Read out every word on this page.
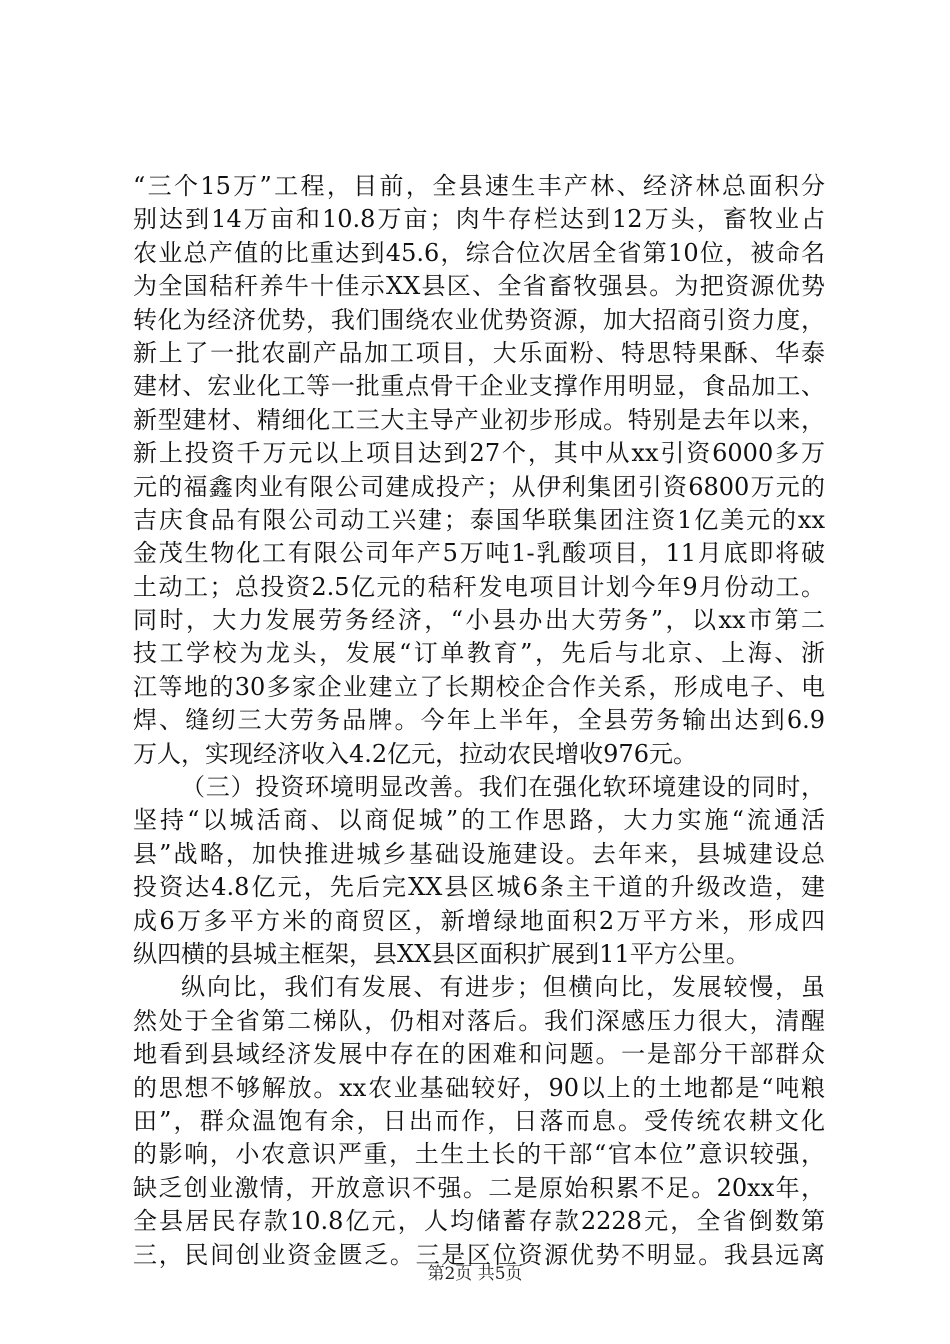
“三个15万”工程，目前，全县速生丰产林、经济林总面积分
别达到14万亩和10.8万亩；肉牛存栏达到12万头，畜牧业占
农业总产值的比重达到45.6，综合位次居全省第10位，被命名
为全国秸秆养牛十佳示XX县区、全省畜牧强县。为把资源优势
转化为经济优势，我们围绕农业优势资源，加大招商引资力度，
新上了一批农副产品加工项目，大乐面粉、特思特果酥、华泰
建材、宏业化工等一批重点骨干企业支撑作用明显，食品加工、
新型建材、精细化工三大主导产业初步形成。特别是去年以来，
新上投资千万元以上项目达到27个，其中从xx引资6000多万
元的福鑫肉业有限公司建成投产；从伊利集团引资6800万元的
吉庆食品有限公司动工兴建；泰国华联集团注资1亿美元的xx
金茂生物化工有限公司年产5万吨1-乳酸项目，11月底即将破
土动工；总投资2.5亿元的秸秆发电项目计划今年9月份动工。
同时，大力发展劳务经济，“小县办出大劳务”，以xx市第二
技工学校为龙头，发展“订单教育”，先后与北京、上海、浙
江等地的30多家企业建立了长期校企合作关系，形成电子、电
焊、缝纫三大劳务品牌。今年上半年，全县劳务输出达到6.9
万人，实现经济收入4.2亿元，拉动农民增收976元。
（三）投资环境明显改善。我们在强化软环境建设的同时，
坚持“以城活商、以商促城”的工作思路，大力实施“流通活
县”战略，加快推进城乡基础设施建设。去年来，县城建设总
投资达4.8亿元，先后完XX县区城6条主干道的升级改造，建
成6万多平方米的商贸区，新增绿地面积2万平方米，形成四
纵四横的县城主框架，县XX县区面积扩展到11平方公里。
纵向比，我们有发展、有进步；但横向比，发展较慢，虽
然处于全省第二梯队，仍相对落后。我们深感压力很大，清醒
地看到县域经济发展中存在的困难和问题。一是部分干部群众
的思想不够解放。xx农业基础较好，90以上的土地都是“吨粮
田”，群众温饱有余，日出而作，日落而息。受传统农耕文化
的影响，小农意识严重，土生土长的干部“官本位”意识较强，
缺乏创业激情，开放意识不强。二是原始积累不足。20xx年，
全县居民存款10.8亿元，人均储蓄存款2228元，全省倒数第
三，民间创业资金匮乏。三是区位资源优势不明显。我县远离
第2页 共5页
